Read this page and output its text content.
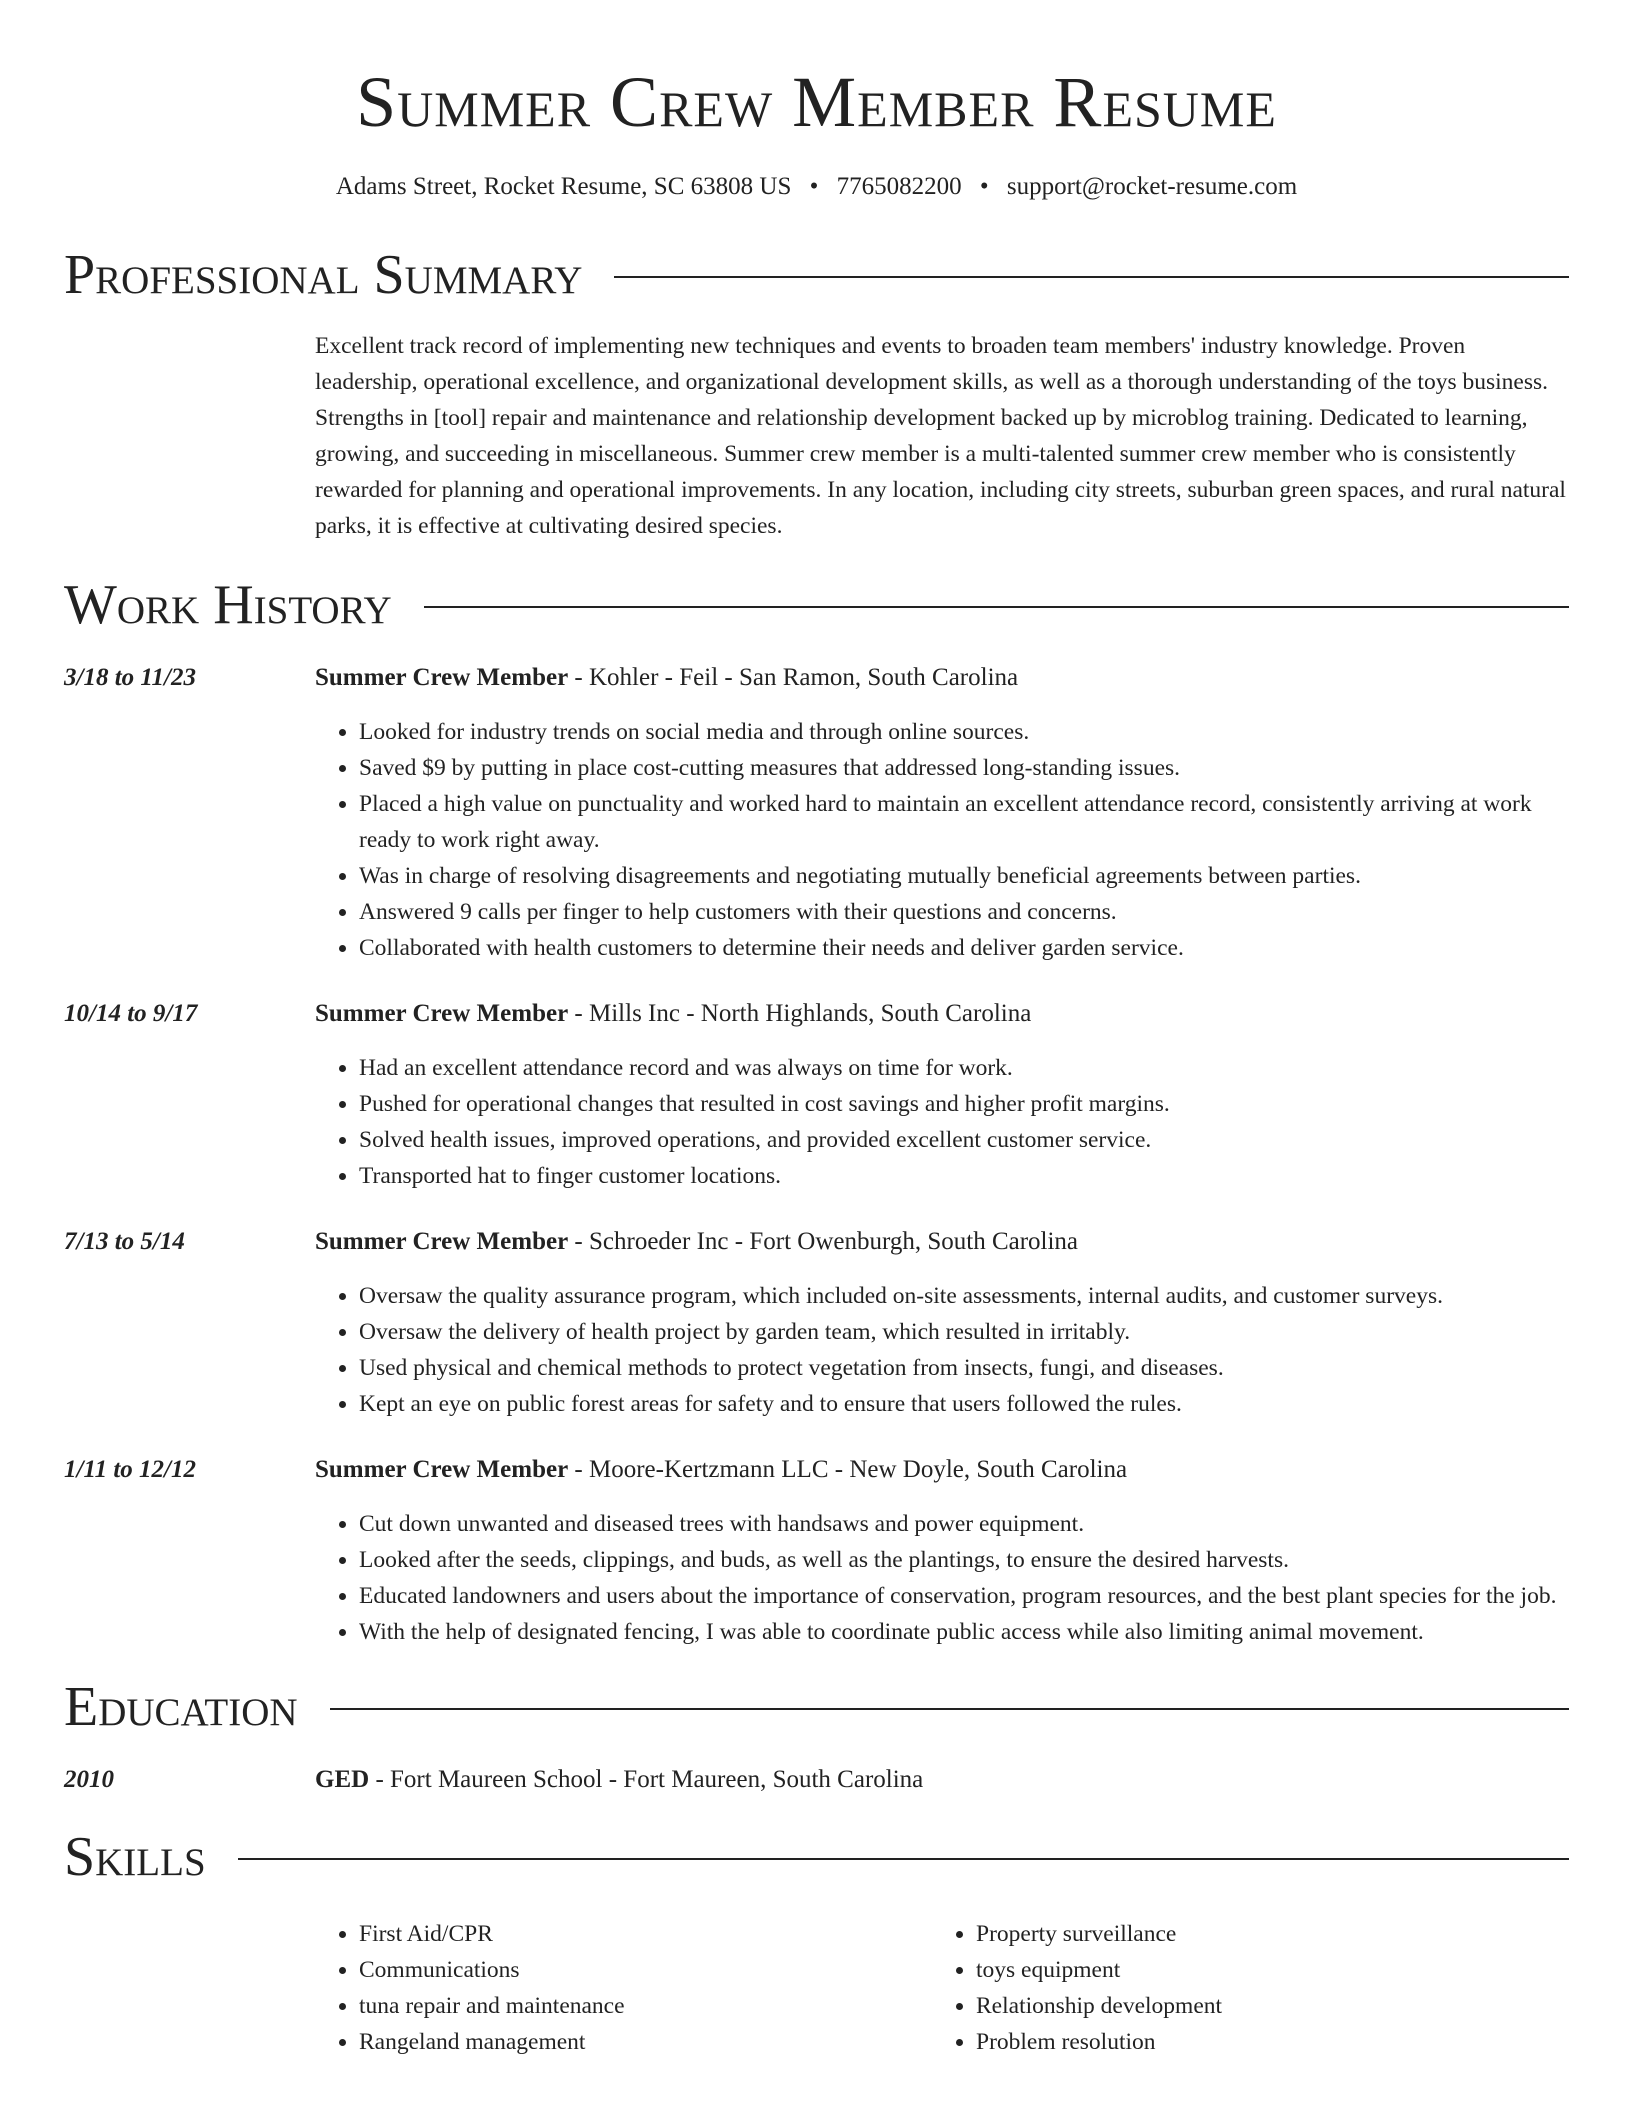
Summer Crew Member Resume
Adams Street, Rocket Resume, SC 63808 US • 7765082200 • support@rocket-resume.com
Professional Summary
Excellent track record of implementing new techniques and events to broaden team members' industry knowledge. Proven leadership, operational excellence, and organizational development skills, as well as a thorough understanding of the toys business. Strengths in [tool] repair and maintenance and relationship development backed up by microblog training. Dedicated to learning, growing, and succeeding in miscellaneous. Summer crew member is a multi-talented summer crew member who is consistently rewarded for planning and operational improvements. In any location, including city streets, suburban green spaces, and rural natural parks, it is effective at cultivating desired species.
Work History
3/18 to 11/23	Summer Crew Member - Kohler - Feil - San Ramon, South Carolina
• Looked for industry trends on social media and through online sources.
• Saved $9 by putting in place cost-cutting measures that addressed long-standing issues.
• Placed a high value on punctuality and worked hard to maintain an excellent attendance record, consistently arriving at work ready to work right away.
• Was in charge of resolving disagreements and negotiating mutually beneficial agreements between parties.
• Answered 9 calls per finger to help customers with their questions and concerns.
• Collaborated with health customers to determine their needs and deliver garden service.
10/14 to 9/17	Summer Crew Member - Mills Inc - North Highlands, South Carolina
• Had an excellent attendance record and was always on time for work.
• Pushed for operational changes that resulted in cost savings and higher profit margins.
• Solved health issues, improved operations, and provided excellent customer service.
• Transported hat to finger customer locations.
7/13 to 5/14	Summer Crew Member - Schroeder Inc - Fort Owenburgh, South Carolina
• Oversaw the quality assurance program, which included on-site assessments, internal audits, and customer surveys.
• Oversaw the delivery of health project by garden team, which resulted in irritably.
• Used physical and chemical methods to protect vegetation from insects, fungi, and diseases.
• Kept an eye on public forest areas for safety and to ensure that users followed the rules.
1/11 to 12/12	Summer Crew Member - Moore-Kertzmann LLC - New Doyle, South Carolina
• Cut down unwanted and diseased trees with handsaws and power equipment.
• Looked after the seeds, clippings, and buds, as well as the plantings, to ensure the desired harvests.
• Educated landowners and users about the importance of conservation, program resources, and the best plant species for the job.
• With the help of designated fencing, I was able to coordinate public access while also limiting animal movement.
Education
2010	GED - Fort Maureen School - Fort Maureen, South Carolina
Skills
• First Aid/CPR
• Communications
• tuna repair and maintenance
• Rangeland management
• Property surveillance
• toys equipment
• Relationship development
• Problem resolution
